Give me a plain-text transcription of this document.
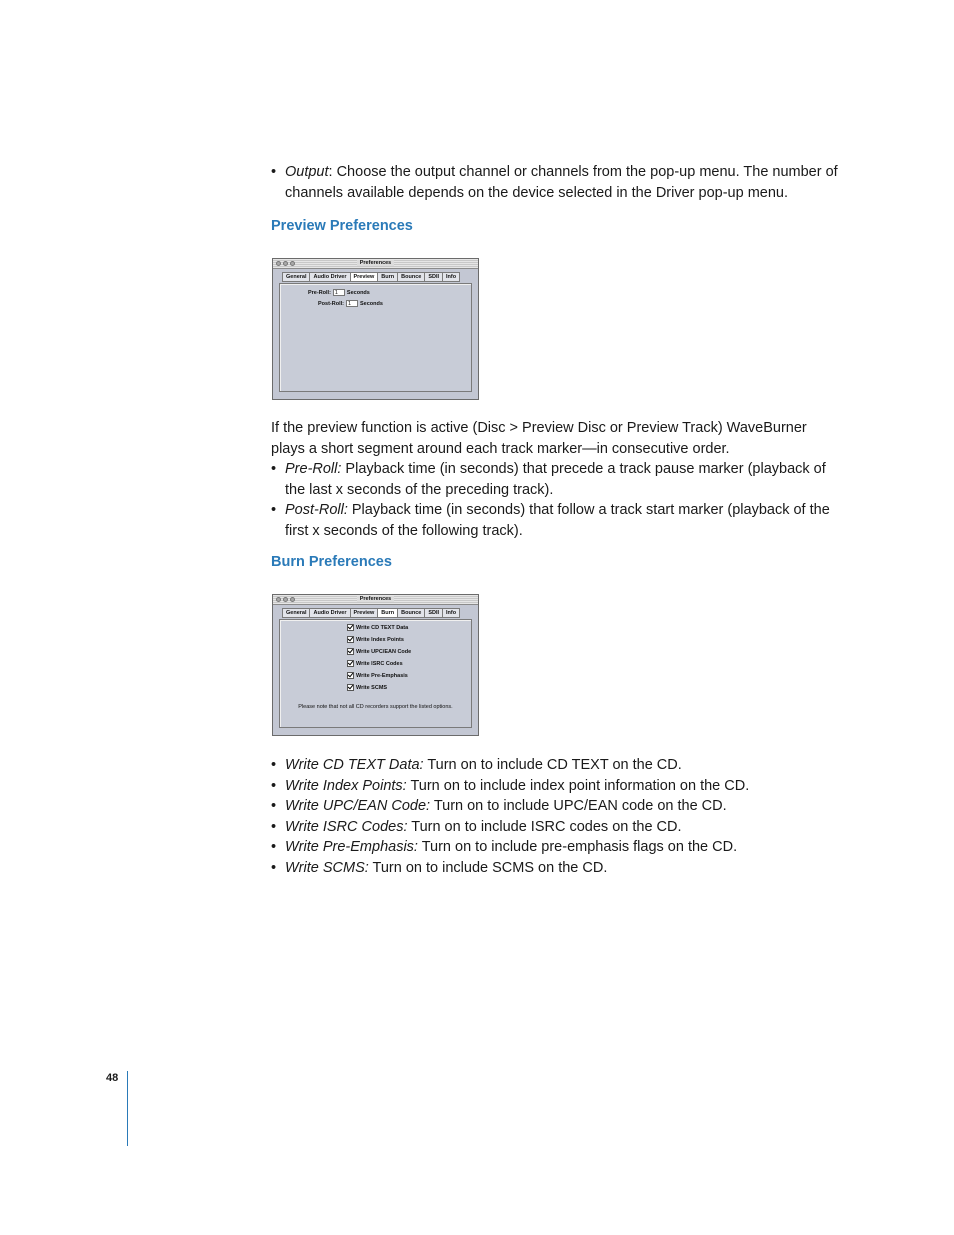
• Output: Choose the output channel or channels from the pop-up menu. The number of channels available depends on the device selected in the Driver pop-up menu.
Preview Preferences
Preferences
General	Audio Driver	Preview	Burn	Bounce	SDII	Info
Pre-Roll: 1 Seconds
Post-Roll: 1 Seconds

If the preview function is active (Disc > Preview Disc or Preview Track) WaveBurner plays a short segment around each track marker—in consecutive order.

• Pre-Roll: Playback time (in seconds) that precede a track pause marker (playback of the last x seconds of the preceding track).
• Post-Roll: Playback time (in seconds) that follow a track start marker (playback of the first x seconds of the following track).
Burn Preferences
Preferences
General	Audio Driver	Preview	Burn	Bounce	SDII	Info
Write CD TEXT Data
Write Index Points
Write UPC/EAN Code
Write ISRC Codes
Write Pre-Emphasis
Write SCMS
Please note that not all CD recorders support the listed options.
• Write CD TEXT Data: Turn on to include CD TEXT on the CD.
• Write Index Points: Turn on to include index point information on the CD.
• Write UPC/EAN Code: Turn on to include UPC/EAN code on the CD.
• Write ISRC Codes: Turn on to include ISRC codes on the CD.
• Write Pre-Emphasis: Turn on to include pre-emphasis flags on the CD.
• Write SCMS: Turn on to include SCMS on the CD.
48
